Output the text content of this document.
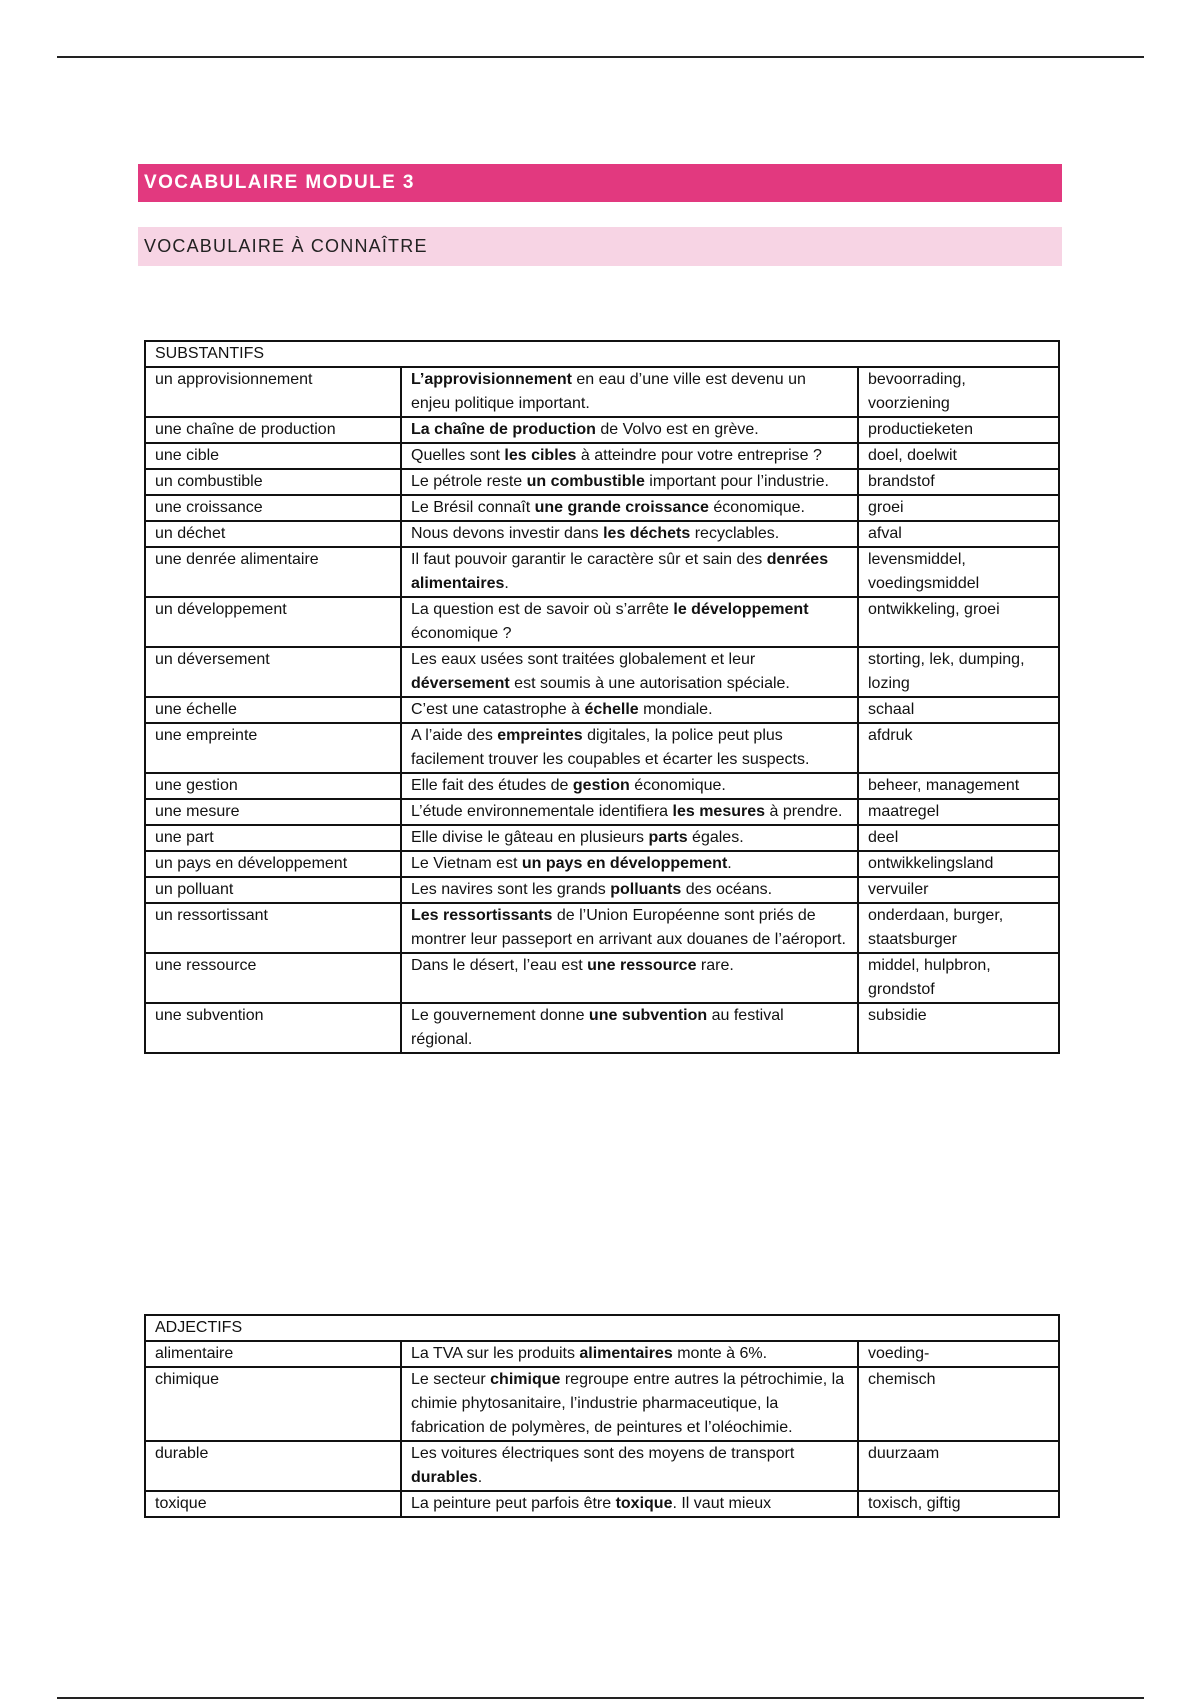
VOCABULAIRE MODULE 3
VOCABULAIRE À CONNAÎTRE
SUBSTANTIFS		
un approvisionnement	L’approvisionnement en eau d’une ville est devenu un enjeu politique important.	bevoorrading, voorziening
une chaîne de production	La chaîne de production de Volvo est en grève.	productieketen
une cible	Quelles sont les cibles à atteindre pour votre entreprise ?	doel, doelwit
un combustible	Le pétrole reste un combustible important pour l’industrie.	brandstof
une croissance	Le Brésil connaît une grande croissance économique.	groei
un déchet	Nous devons investir dans les déchets recyclables.	afval
une denrée alimentaire	Il faut pouvoir garantir le caractère sûr et sain des denrées alimentaires.	levensmiddel, voedingsmiddel
un développement	La question est de savoir où s’arrête le développement économique ?	ontwikkeling, groei
un déversement	Les eaux usées sont traitées globalement et leur déversement est soumis à une autorisation spéciale.	storting, lek, dumping, lozing
une échelle	C’est une catastrophe à échelle mondiale.	schaal
une empreinte	A l’aide des empreintes digitales, la police peut plus facilement trouver les coupables et écarter les suspects.	afdruk
une gestion	Elle fait des études de gestion économique.	beheer, management
une mesure	L’étude environnementale identifiera les mesures à prendre.	maatregel
une part	Elle divise le gâteau en plusieurs parts égales.	deel
un pays en développement	Le Vietnam est un pays en développement.	ontwikkelingsland
un polluant	Les navires sont les grands polluants des océans.	vervuiler
un ressortissant	Les ressortissants de l’Union Européenne sont priés de montrer leur passeport en arrivant aux douanes de l’aéroport.	onderdaan, burger, staatsburger
une ressource	Dans le désert, l’eau est une ressource rare.	middel, hulpbron, grondstof
une subvention	Le gouvernement donne une subvention au festival régional.	subsidie
ADJECTIFS		
alimentaire	La TVA sur les produits alimentaires monte à 6%.	voeding-
chimique	Le secteur chimique regroupe entre autres la pétrochimie, la chimie phytosanitaire, l’industrie pharmaceutique, la fabrication de polymères, de peintures et l’oléochimie.	chemisch
durable	Les voitures électriques sont des moyens de transport durables.	duurzaam
toxique	La peinture peut parfois être toxique. Il vaut mieux	toxisch, giftig
